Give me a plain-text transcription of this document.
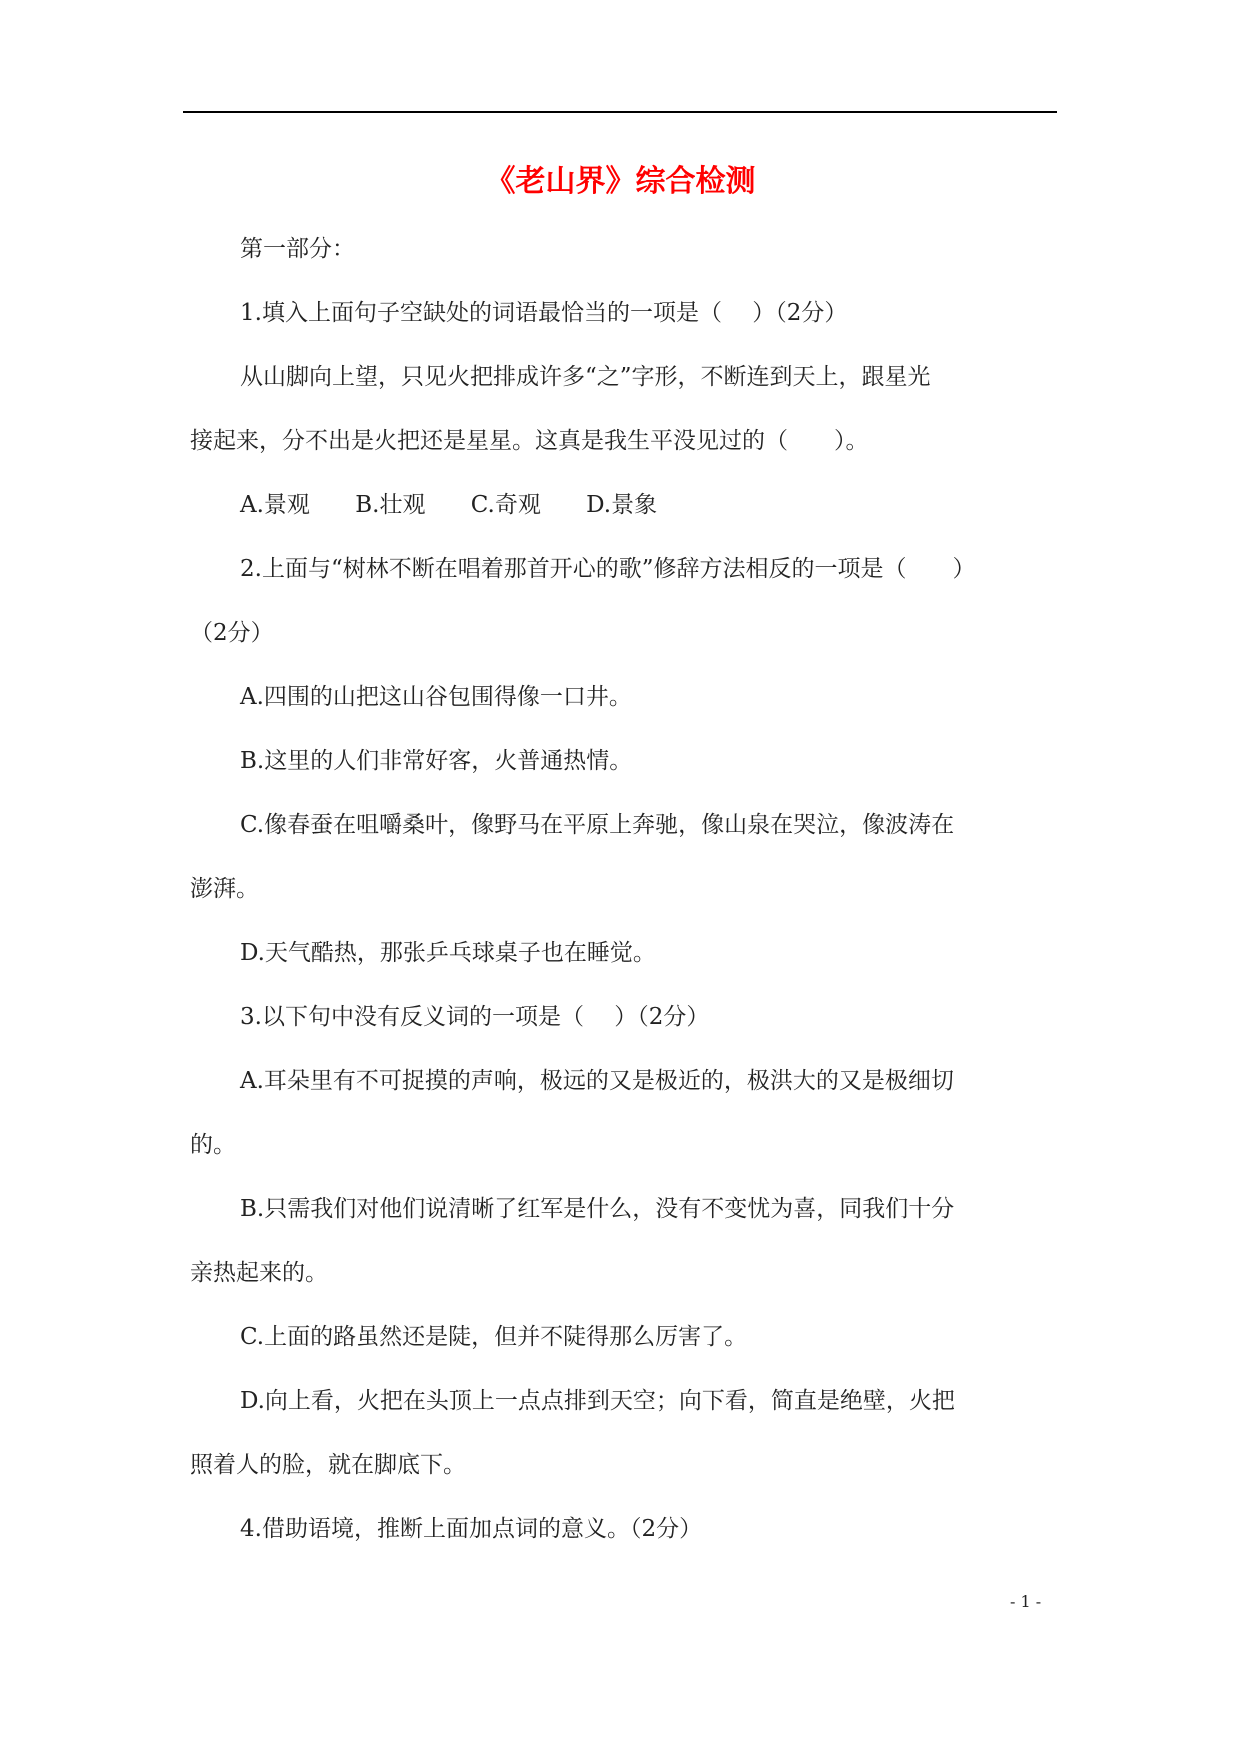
《老山界》综合检测
第一部分：
1.填入上面句子空缺处的词语最恰当的一项是（　 ）（2分）
从山脚向上望，只见火把排成许多“之”字形，不断连到天上，跟星光
接起来，分不出是火把还是星星。这真是我生平没见过的（　　）。
A.景观 B.壮观 C.奇观 D.景象
2.上面与“树林不断在唱着那首开心的歌”修辞方法相反的一项是（　　）
（2分）
A.四围的山把这山谷包围得像一口井。
B.这里的人们非常好客，火普通热情。
C.像春蚕在咀嚼桑叶，像野马在平原上奔驰，像山泉在哭泣，像波涛在
澎湃。
D.天气酷热，那张乒乓球桌子也在睡觉。
3.以下句中没有反义词的一项是（　 ）（2分）
A.耳朵里有不可捉摸的声响，极远的又是极近的，极洪大的又是极细切
的。
B.只需我们对他们说清晰了红军是什么，没有不变忧为喜，同我们十分
亲热起来的。
C.上面的路虽然还是陡，但并不陡得那么厉害了。
D.向上看，火把在头顶上一点点排到天空；向下看，简直是绝壁，火把
照着人的脸，就在脚底下。
4.借助语境，推断上面加点词的意义。（2分）
- 1 -
